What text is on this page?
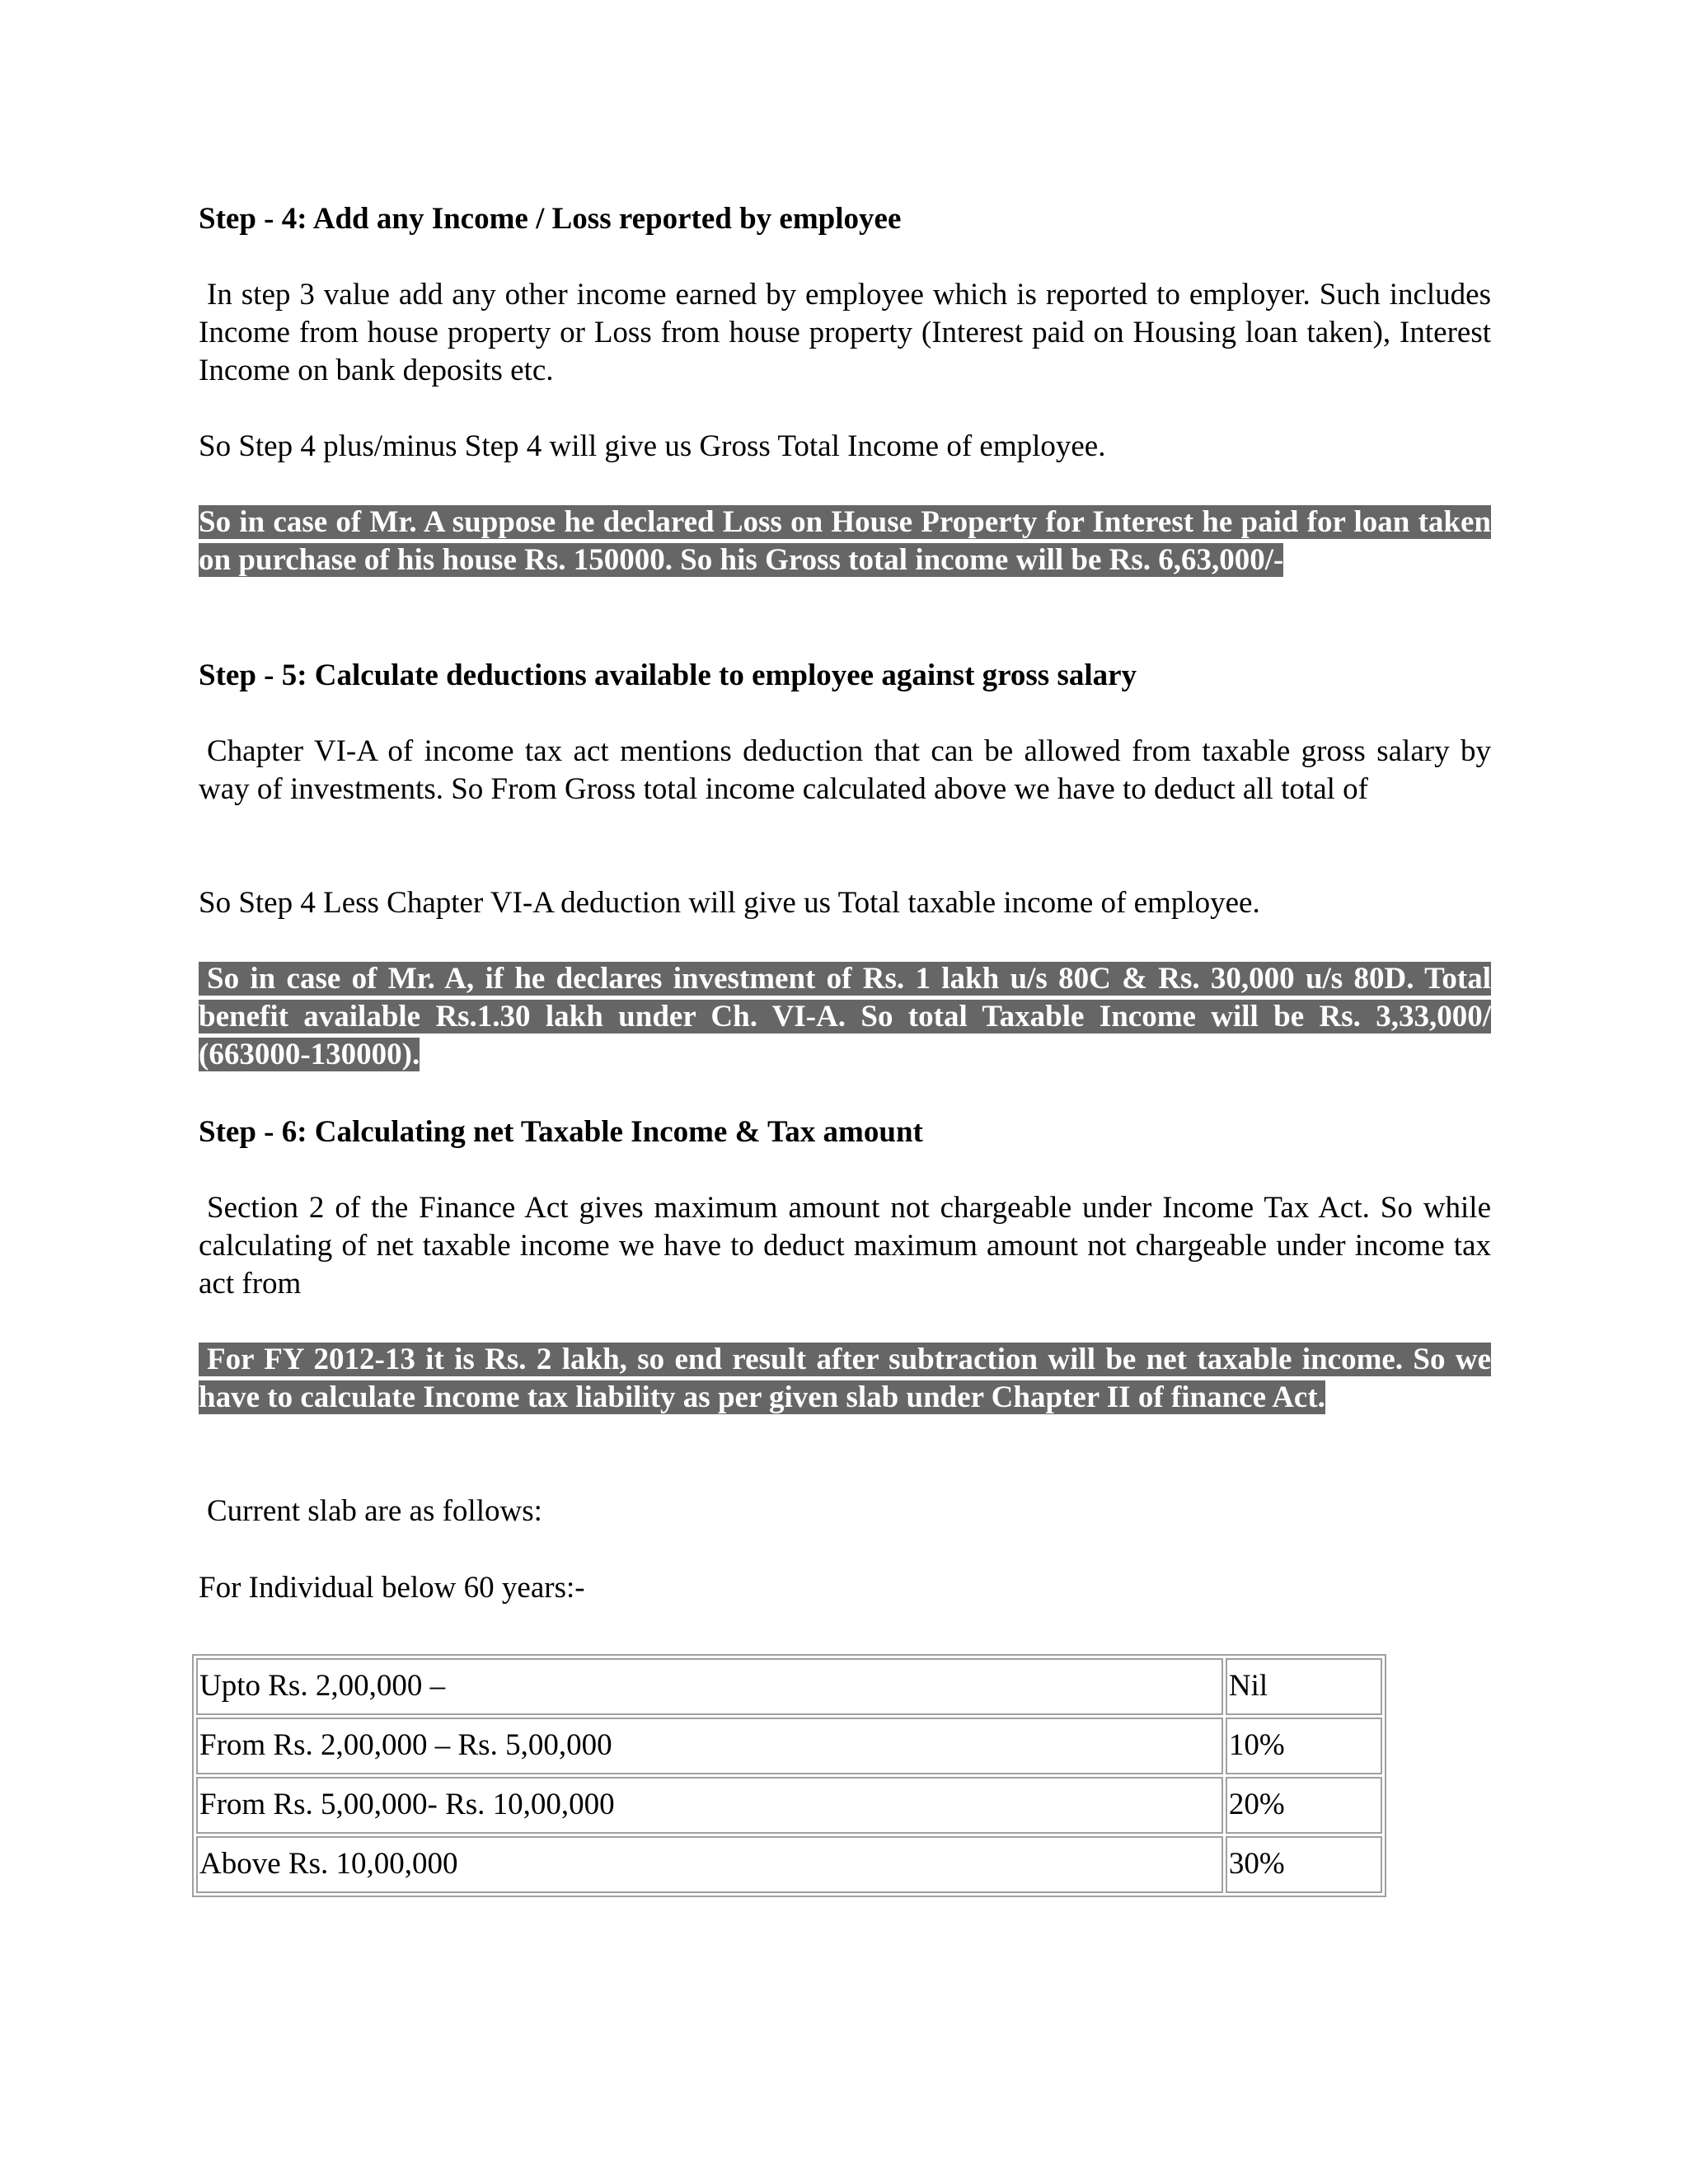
Step - 4: Add any Income / Loss reported by employee

In step 3 value add any other income earned by employee which is reported to employer. Such includes Income from house property or Loss from house property (Interest paid on Housing loan taken), Interest Income on bank deposits etc.

So Step 4 plus/minus Step 4 will give us Gross Total Income of employee.

So in case of Mr. A suppose he declared Loss on House Property for Interest he paid for loan taken on purchase of his house Rs. 150000. So his Gross total income will be Rs. 6,63,000/-

Step - 5: Calculate deductions available to employee against gross salary

Chapter VI-A of income tax act mentions deduction that can be allowed from taxable gross salary by way of investments. So From Gross total income calculated above we have to deduct all total of

So Step 4 Less Chapter VI-A deduction will give us Total taxable income of employee.

So in case of Mr. A, if he declares investment of Rs. 1 lakh u/s 80C & Rs. 30,000 u/s 80D. Total benefit available Rs.1.30 lakh under Ch. VI-A. So total Taxable Income will be Rs. 3,33,000/ (663000-130000).

Step - 6: Calculating net Taxable Income & Tax amount

Section 2 of the Finance Act gives maximum amount not chargeable under Income Tax Act. So while calculating of net taxable income we have to deduct maximum amount not chargeable under income tax act from

For FY 2012-13 it is Rs. 2 lakh, so end result after subtraction will be net taxable income. So we have to calculate Income tax liability as per given slab under Chapter II of finance Act.

Current slab are as follows:

For Individual below 60 years:-

Upto Rs. 2,00,000 –	Nil
From Rs. 2,00,000 – Rs. 5,00,000	10%
From Rs. 5,00,000- Rs. 10,00,000	20%
Above Rs. 10,00,000	30%
